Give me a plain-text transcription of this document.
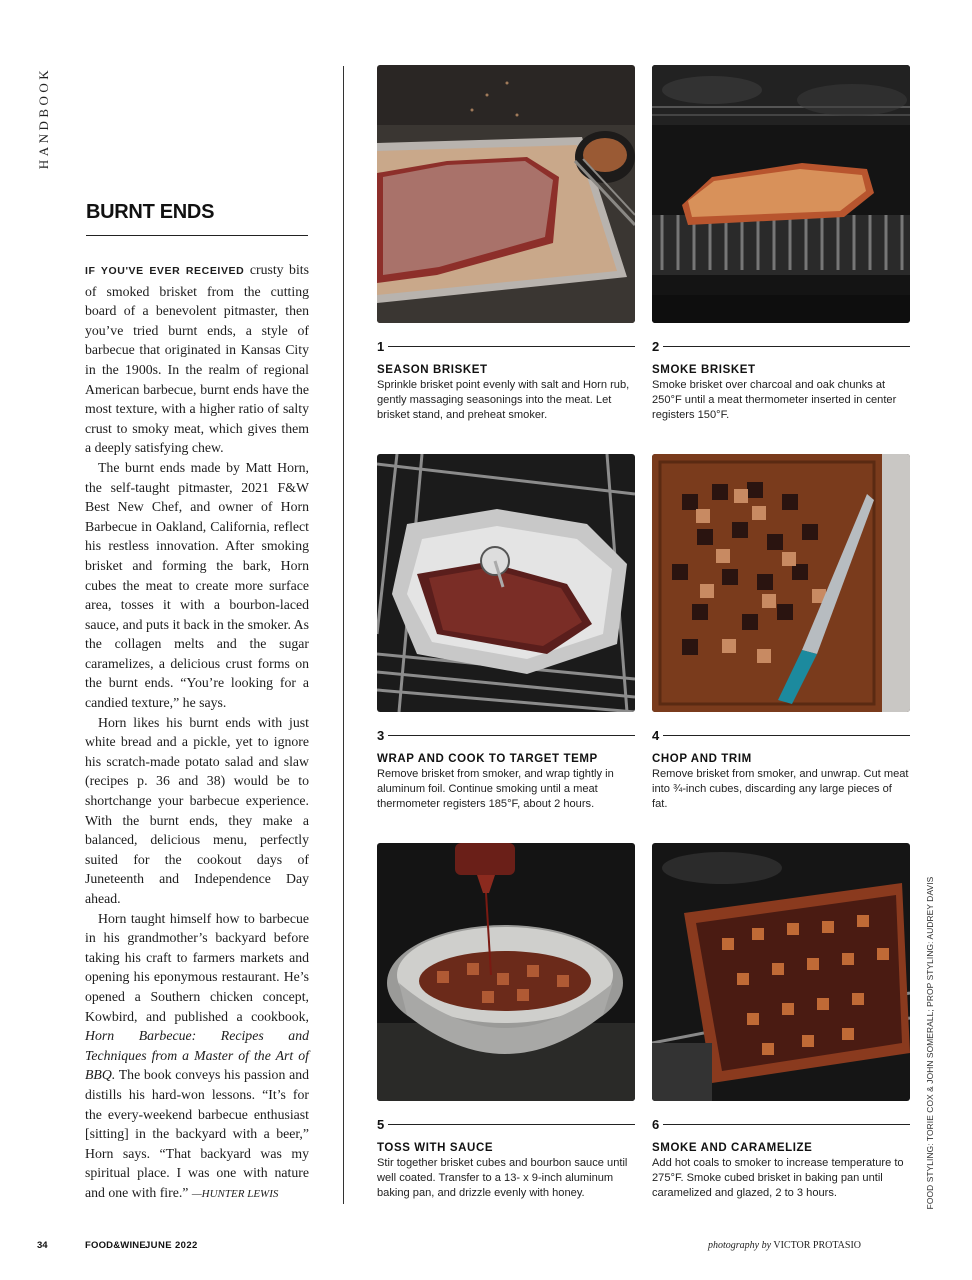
HANDBOOK
BURNT ENDS

IF YOU'VE EVER RECEIVED crusty bits of smoked brisket from the cutting board of a benevolent pitmaster, then you’ve tried burnt ends, a style of barbecue that originated in Kansas City in the 1900s. In the realm of regional American barbecue, burnt ends have the most texture, with a higher ratio of salty crust to smoky meat, which gives them a deeply satisfying chew.

The burnt ends made by Matt Horn, the self-taught pitmaster, 2021 F&W Best New Chef, and owner of Horn Barbecue in Oakland, California, reflect his restless innovation. After smoking brisket and forming the bark, Horn cubes the meat to create more surface area, tosses it with a bourbon-laced sauce, and puts it back in the smoker. As the collagen melts and the sugar caramelizes, a delicious crust forms on the burnt ends. “You’re looking for a candied texture,” he says.

Horn likes his burnt ends with just white bread and a pickle, yet to ignore his scratch-made potato salad and slaw (recipes p. 36 and 38) would be to shortchange your barbecue experience. With the burnt ends, they make a balanced, delicious menu, perfectly suited for the cookout days of Juneteenth and Independence Day ahead.

Horn taught himself how to barbecue in his grandmother’s backyard before taking his craft to farmers markets and opening his eponymous restaurant. He’s opened a Southern chicken concept, Kowbird, and published a cookbook, Horn Barbecue: Recipes and Techniques from a Master of the Art of BBQ. The book conveys his passion and distills his hard-won lessons. “It’s for the every-weekend barbecue enthusiast [sitting] in the backyard with a beer,” Horn says. “That backyard was my spiritual place. I was one with nature and one with fire.” —HUNTER LEWIS

1
SEASON BRISKET
Sprinkle brisket point evenly with salt and Horn rub, gently massaging seasonings into the meat. Let brisket stand, and preheat smoker.
2
SMOKE BRISKET
Smoke brisket over charcoal and oak chunks at 250°F until a meat thermometer inserted in center registers 150°F.
3
WRAP AND COOK TO TARGET TEMP
Remove brisket from smoker, and wrap tightly in aluminum foil. Continue smoking until a meat thermometer registers 185°F, about 2 hours.
4
CHOP AND TRIM
Remove brisket from smoker, and unwrap. Cut meat into ¾-inch cubes, discarding any large pieces of fat.
5
TOSS WITH SAUCE
Stir together brisket cubes and bourbon sauce until well coated. Transfer to a 13- x 9-inch aluminum baking pan, and drizzle evenly with honey.
6
SMOKE AND CARAMELIZE
Add hot coals to smoker to increase temperature to 275°F. Smoke cubed brisket in baking pan until caramelized and glazed, 2 to 3 hours.	FOOD STYLING: TORIE COX & JOHN SOMERALL; PROP STYLING: AUDREY DAVIS
34	FOOD&WINE JUNE 2022	photography by VICTOR PROTASIO
